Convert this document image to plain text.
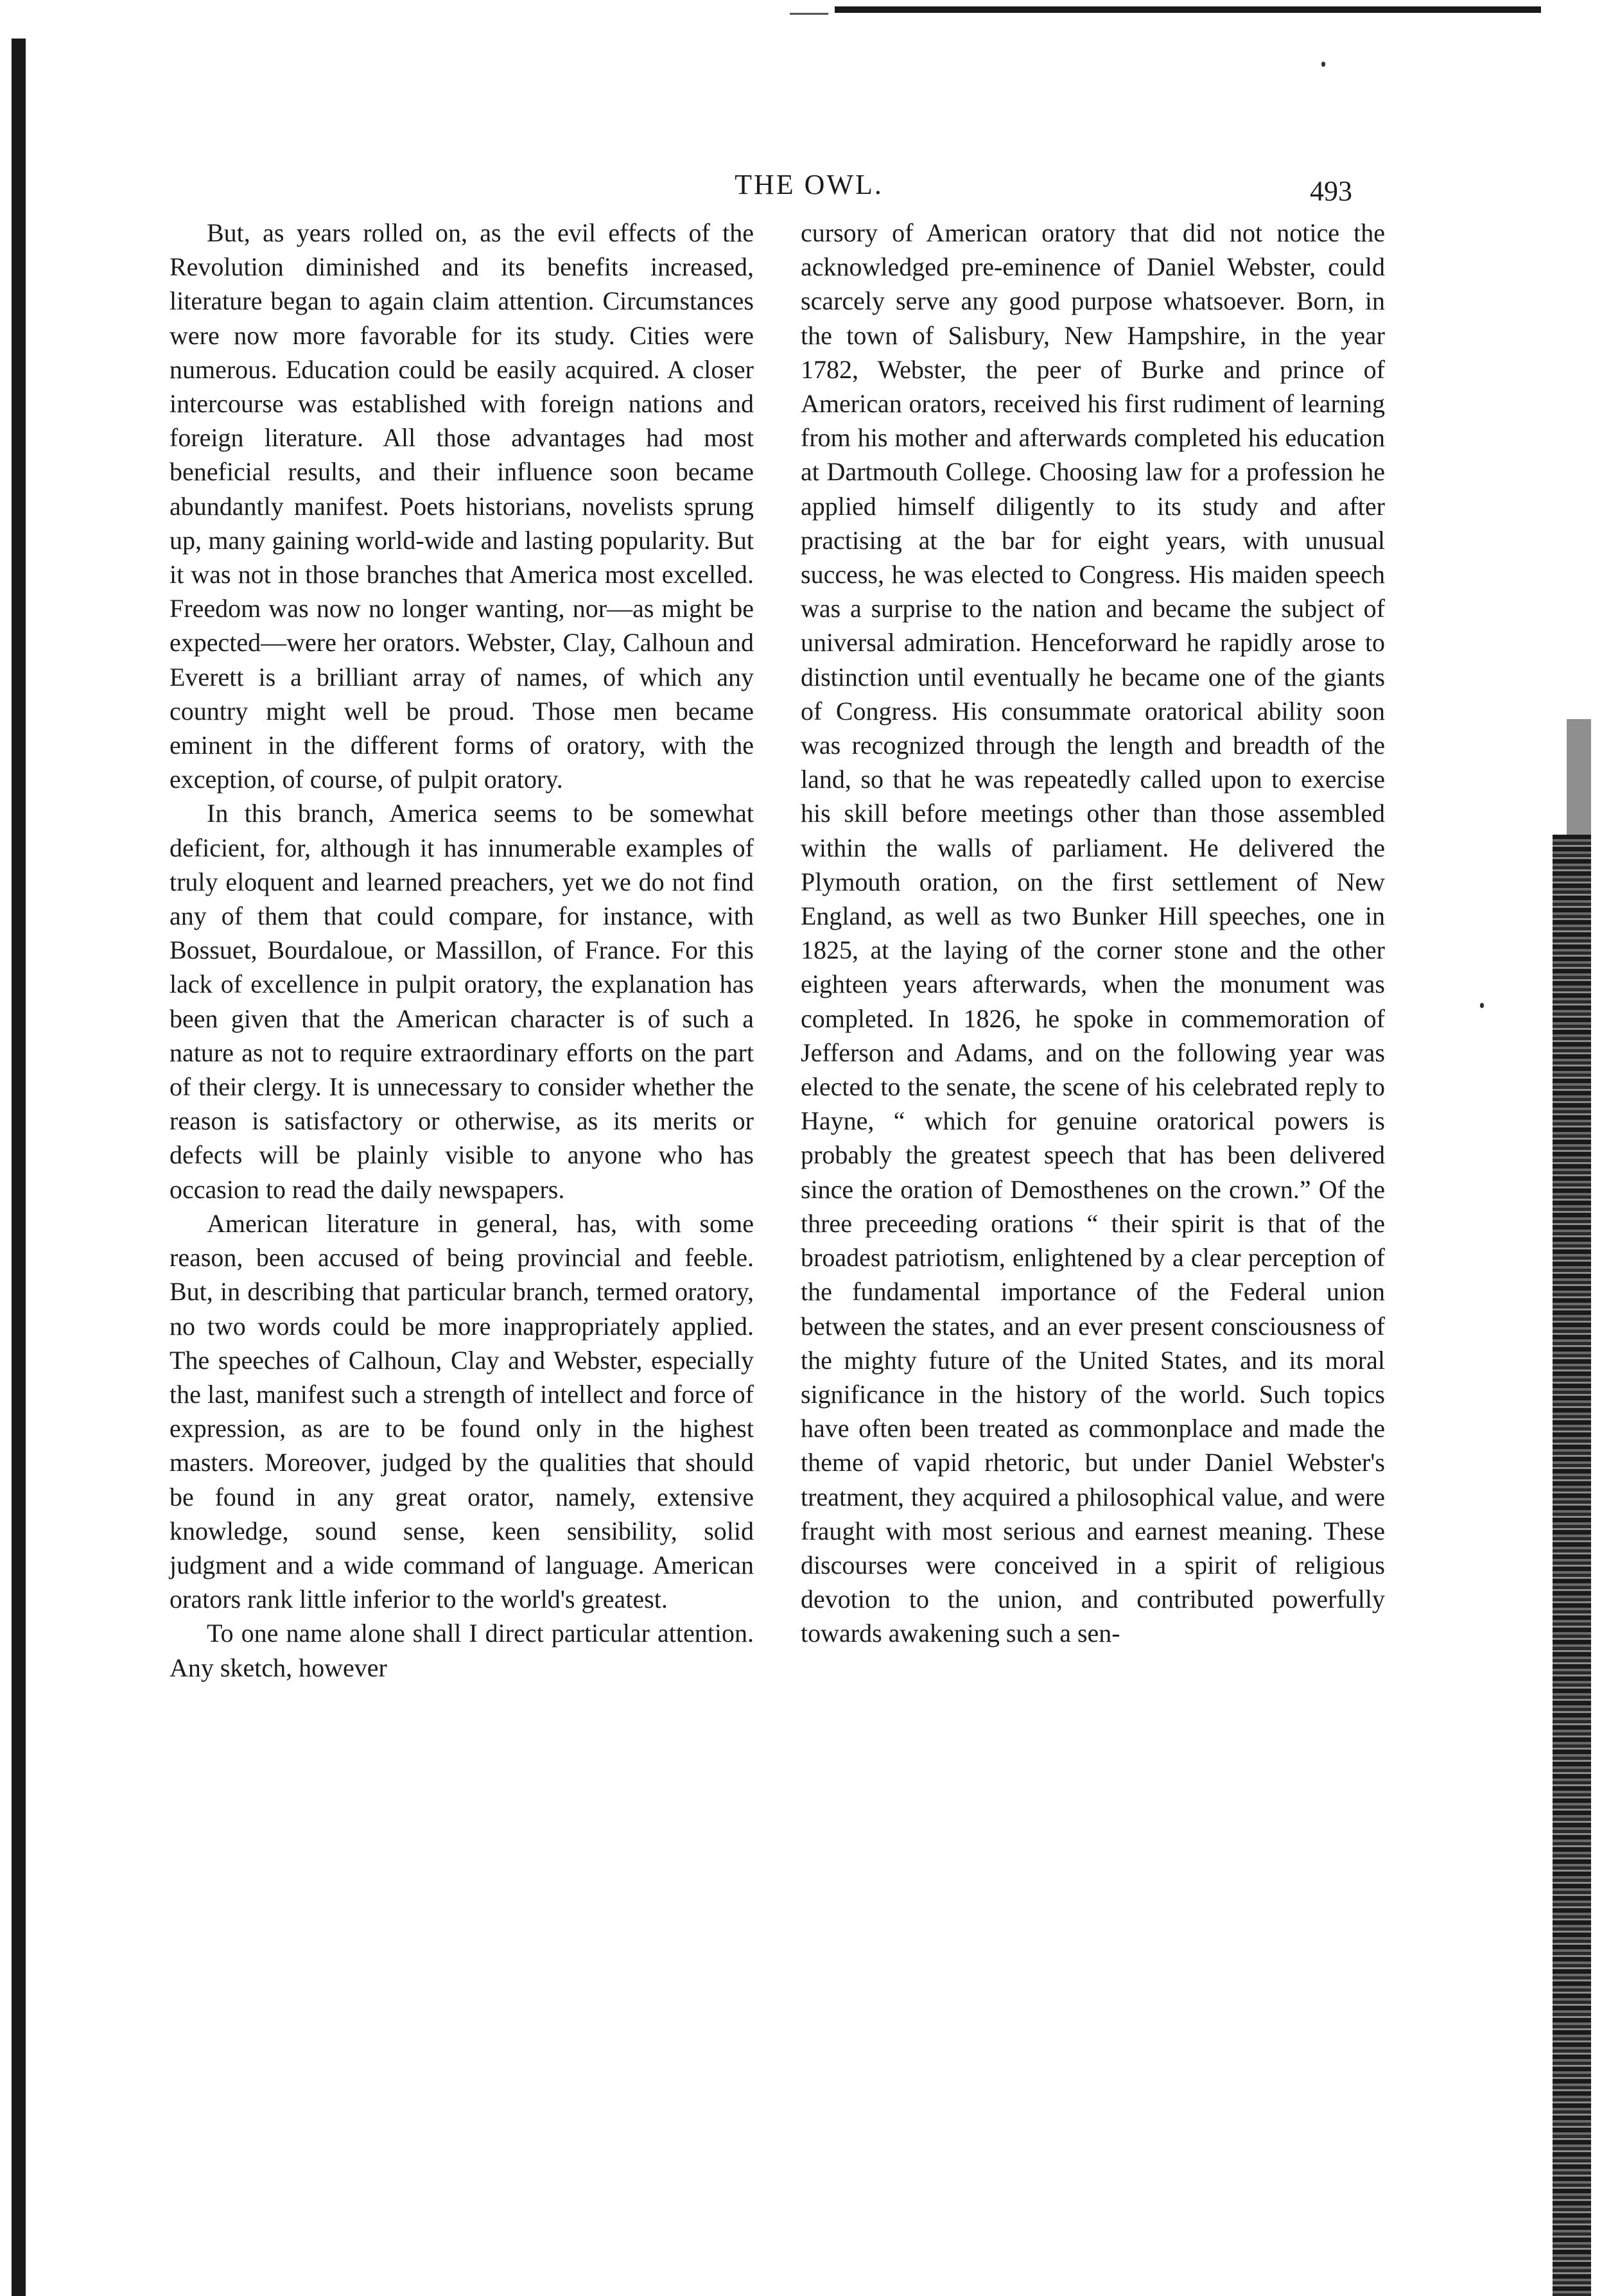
THE OWL.	493

But, as years rolled on, as the evil effects of the Revolution diminished and its benefits increased, literature began to again claim attention. Circumstances were now more favorable for its study. Cities were numerous. Education could be easily acquired. A closer intercourse was established with foreign nations and foreign literature. All those advantages had most beneficial results, and their influence soon became abundantly manifest. Poets historians, novelists sprung up, many gaining world-wide and lasting popularity. But it was not in those branches that America most excelled. Freedom was now no longer wanting, nor—as might be expected—were her orators. Webster, Clay, Calhoun and Everett is a brilliant array of names, of which any country might well be proud. Those men became eminent in the different forms of oratory, with the exception, of course, of pulpit oratory.

In this branch, America seems to be somewhat deficient, for, although it has innumerable examples of truly eloquent and learned preachers, yet we do not find any of them that could compare, for instance, with Bossuet, Bourdaloue, or Massillon, of France. For this lack of excellence in pulpit oratory, the explanation has been given that the American character is of such a nature as not to require extraordinary efforts on the part of their clergy. It is unnecessary to consider whether the reason is satisfactory or otherwise, as its merits or defects will be plainly visible to anyone who has occasion to read the daily newspapers.

American literature in general, has, with some reason, been accused of being provincial and feeble. But, in describing that particular branch, termed oratory, no two words could be more inappropriately applied. The speeches of Calhoun, Clay and Webster, especially the last, manifest such a strength of intellect and force of expression, as are to be found only in the highest masters. Moreover, judged by the qualities that should be found in any great orator, namely, extensive knowledge, sound sense, keen sensibility, solid judgment and a wide command of language. American orators rank little inferior to the world's greatest.

To one name alone shall I direct particular attention. Any sketch, however

cursory of American oratory that did not notice the acknowledged pre-eminence of Daniel Webster, could scarcely serve any good purpose whatsoever. Born, in the town of Salisbury, New Hampshire, in the year 1782, Webster, the peer of Burke and prince of American orators, received his first rudiment of learning from his mother and afterwards completed his education at Dartmouth College. Choosing law for a profession he applied himself diligently to its study and after practising at the bar for eight years, with unusual success, he was elected to Congress. His maiden speech was a surprise to the nation and became the subject of universal admiration. Henceforward he rapidly arose to distinction until eventually he became one of the giants of Congress. His consummate oratorical ability soon was recognized through the length and breadth of the land, so that he was repeatedly called upon to exercise his skill before meetings other than those assembled within the walls of parliament. He delivered the Plymouth oration, on the first settlement of New England, as well as two Bunker Hill speeches, one in 1825, at the laying of the corner stone and the other eighteen years afterwards, when the monument was completed. In 1826, he spoke in commemoration of Jefferson and Adams, and on the following year was elected to the senate, the scene of his celebrated reply to Hayne, “ which for genuine oratorical powers is probably the greatest speech that has been delivered since the oration of Demosthenes on the crown.” Of the three preceeding orations “ their spirit is that of the broadest patriotism, enlightened by a clear perception of the fundamental importance of the Federal union between the states, and an ever present consciousness of the mighty future of the United States, and its moral significance in the history of the world. Such topics have often been treated as commonplace and made the theme of vapid rhetoric, but under Daniel Webster's treatment, they acquired a philosophical value, and were fraught with most serious and earnest meaning. These discourses were conceived in a spirit of religious devotion to the union, and contributed powerfully towards awakening such a sen-
